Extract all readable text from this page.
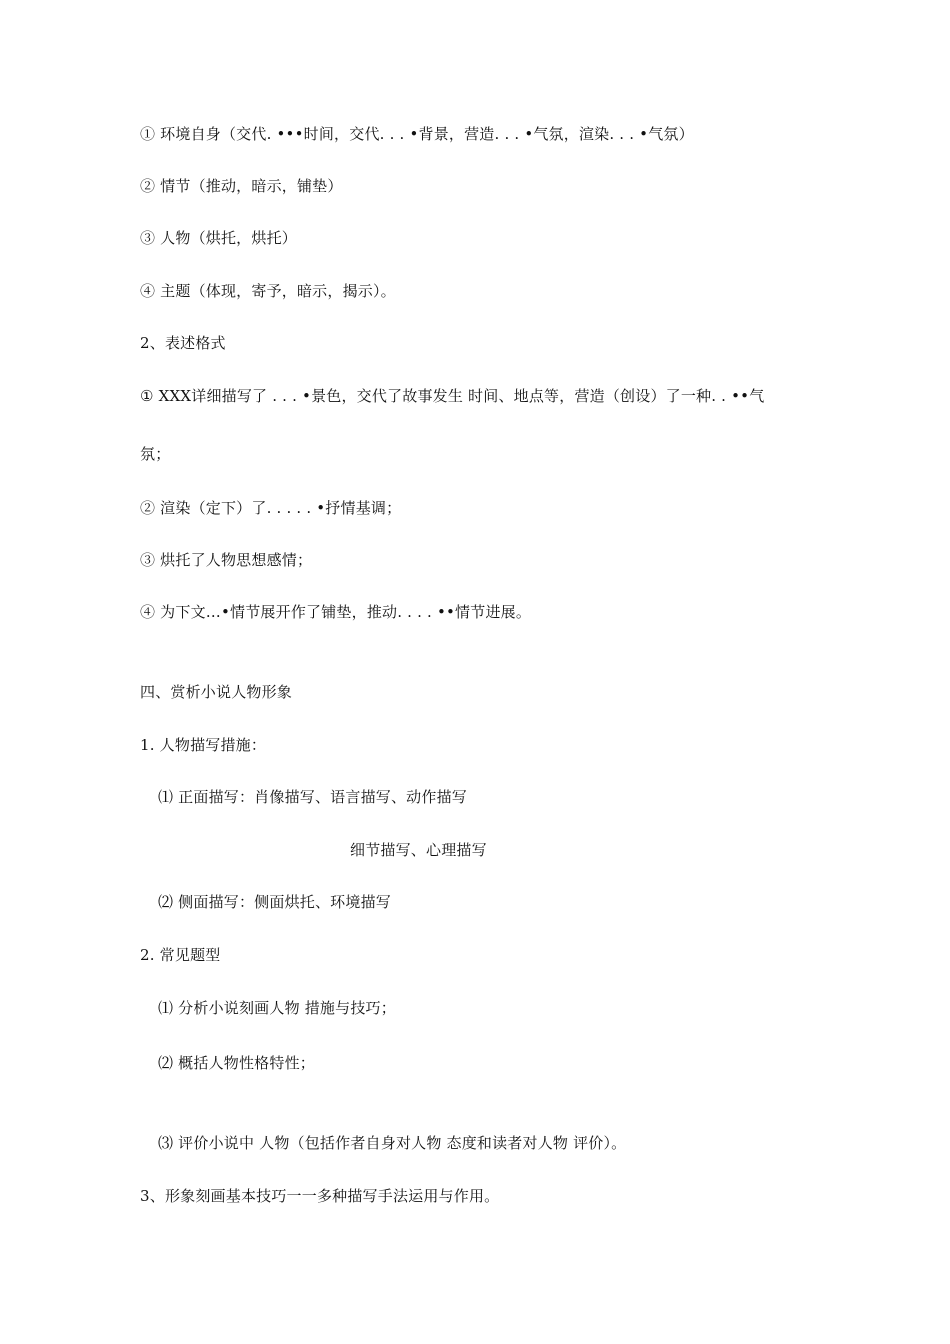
① 环境自身（交代. •••时间，交代. . . •背景，营造. . . •气氛，渲染. . . •气氛）
② 情节（推动，暗示，铺垫）
③ 人物（烘托，烘托）
④ 主题（体现，寄予，暗示，揭示）。
2、表述格式
① XXX详细描写了 . . . •景色，交代了故事发生 时间、地点等，营造（创设）了一种. . ••气
氛；
② 渲染（定下）了. . . . . •抒情基调；
③ 烘托了人物思想感情；
④ 为下文…•情节展开作了铺垫，推动. . . . ••情节进展。
四、赏析小说人物形象
1. 人物描写措施：
⑴ 正面描写：肖像描写、语言描写、动作描写
细节描写、心理描写
⑵ 侧面描写：侧面烘托、环境描写
2. 常见题型
⑴ 分析小说刻画人物 措施与技巧；
⑵ 概括人物性格特性；
⑶ 评价小说中 人物（包括作者自身对人物 态度和读者对人物 评价）。
3、形象刻画基本技巧一一多种描写手法运用与作用。
